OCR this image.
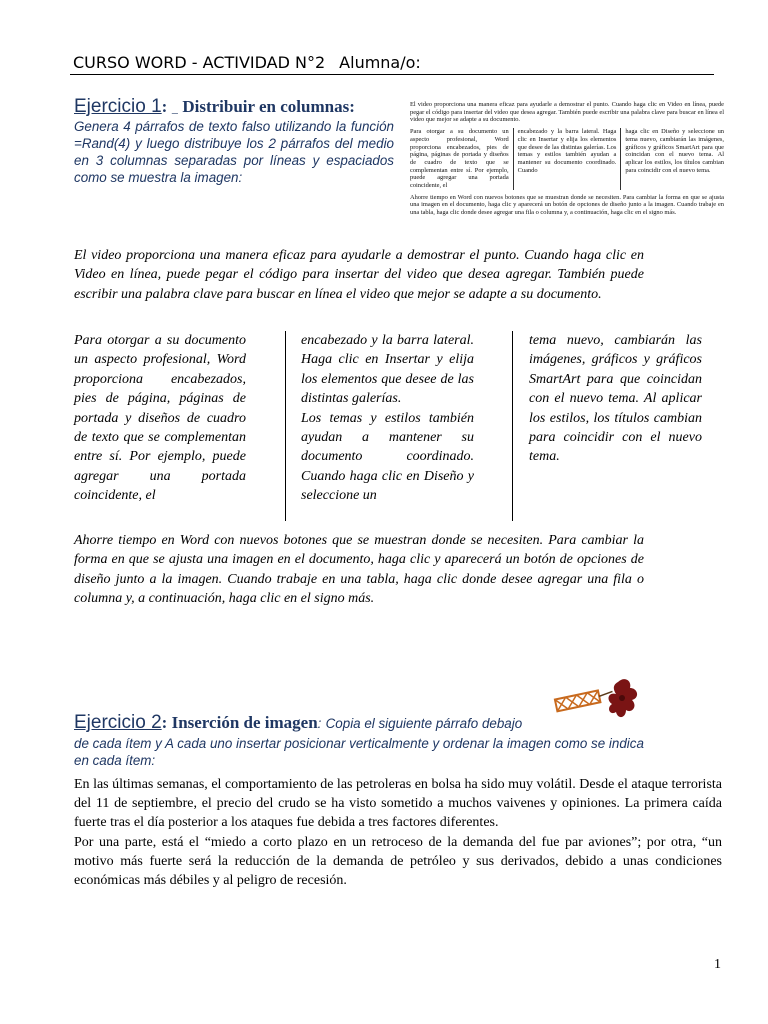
CURSO WORD - ACTIVIDAD N°2 Alumna/o:
Ejercicio 1: _ Distribuir en columnas:
Genera 4 párrafos de texto falso utilizando la función =Rand(4) y luego distribuye los 2 párrafos del medio en 3 columnas separadas por líneas y espaciados como se muestra la imagen:

El video proporciona una manera eficaz para ayudarle a demostrar el punto. Cuando haga clic en Video en línea, puede pegar el código para insertar del video que desea agregar. También puede escribir una palabra clave para buscar en línea el video que mejor se adapte a su documento.

Para otorgar a su documento un aspecto profesional, Word proporciona encabezados, pies de página, páginas de portada y diseños de cuadro de texto que se complementan entre sí. Por ejemplo, puede agregar una portada coincidente, el
encabezado y la barra lateral. Haga clic en Insertar y elija los elementos que desee de las distintas galerías. Los temas y estilos también ayudan a mantener su documento coordinado. Cuando
haga clic en Diseño y seleccione un tema nuevo, cambiarán las imágenes, gráficos y gráficos SmartArt para que coincidan con el nuevo tema. Al aplicar los estilos, los títulos cambian para coincidir con el nuevo tema.

Ahorre tiempo en Word con nuevos botones que se muestran donde se necesiten. Para cambiar la forma en que se ajusta una imagen en el documento, haga clic y aparecerá un botón de opciones de diseño junto a la imagen. Cuando trabaje en una tabla, haga clic donde desee agregar una fila o columna y, a continuación, haga clic en el signo más.

El video proporciona una manera eficaz para ayudarle a demostrar el punto. Cuando haga clic en Video en línea, puede pegar el código para insertar del video que desea agregar. También puede escribir una palabra clave para buscar en línea el video que mejor se adapte a su documento.
Para otorgar a su documento un aspecto profesional, Word proporciona encabezados, pies de página, páginas de portada y diseños de cuadro de texto que se complementan entre sí. Por ejemplo, puede agregar una portada coincidente, el
encabezado y la barra lateral. Haga clic en Insertar y elija los elementos que desee de las distintas galerías.
Los temas y estilos también ayudan a mantener su documento coordinado. Cuando haga clic en Diseño y seleccione un
tema nuevo, cambiarán las imágenes, gráficos y gráficos SmartArt para que coincidan con el nuevo tema. Al aplicar los estilos, los títulos cambian para coincidir con el nuevo tema.
Ahorre tiempo en Word con nuevos botones que se muestran donde se necesiten. Para cambiar la forma en que se ajusta una imagen en el documento, haga clic y aparecerá un botón de opciones de diseño junto a la imagen. Cuando trabaje en una tabla, haga clic donde desee agregar una fila o columna y, a continuación, haga clic en el signo más.
Ejercicio 2: Inserción de imagen: Copia el siguiente párrafo debajo
de cada ítem y A cada uno insertar posicionar verticalmente y ordenar la imagen como se indica en cada ítem:

En las últimas semanas, el comportamiento de las petroleras en bolsa ha sido muy volátil. Desde el ataque terrorista del 11 de septiembre, el precio del crudo se ha visto sometido a muchos vaivenes y opiniones. La primera caída fuerte tras el día posterior a los ataques fue debida a tres factores diferentes.

Por una parte, está el “miedo a corto plazo en un retroceso de la demanda del fue par aviones”; por otra, “un motivo más fuerte será la reducción de la demanda de petróleo y sus derivados, debido a unas condiciones económicas más débiles y al peligro de recesión.

1
